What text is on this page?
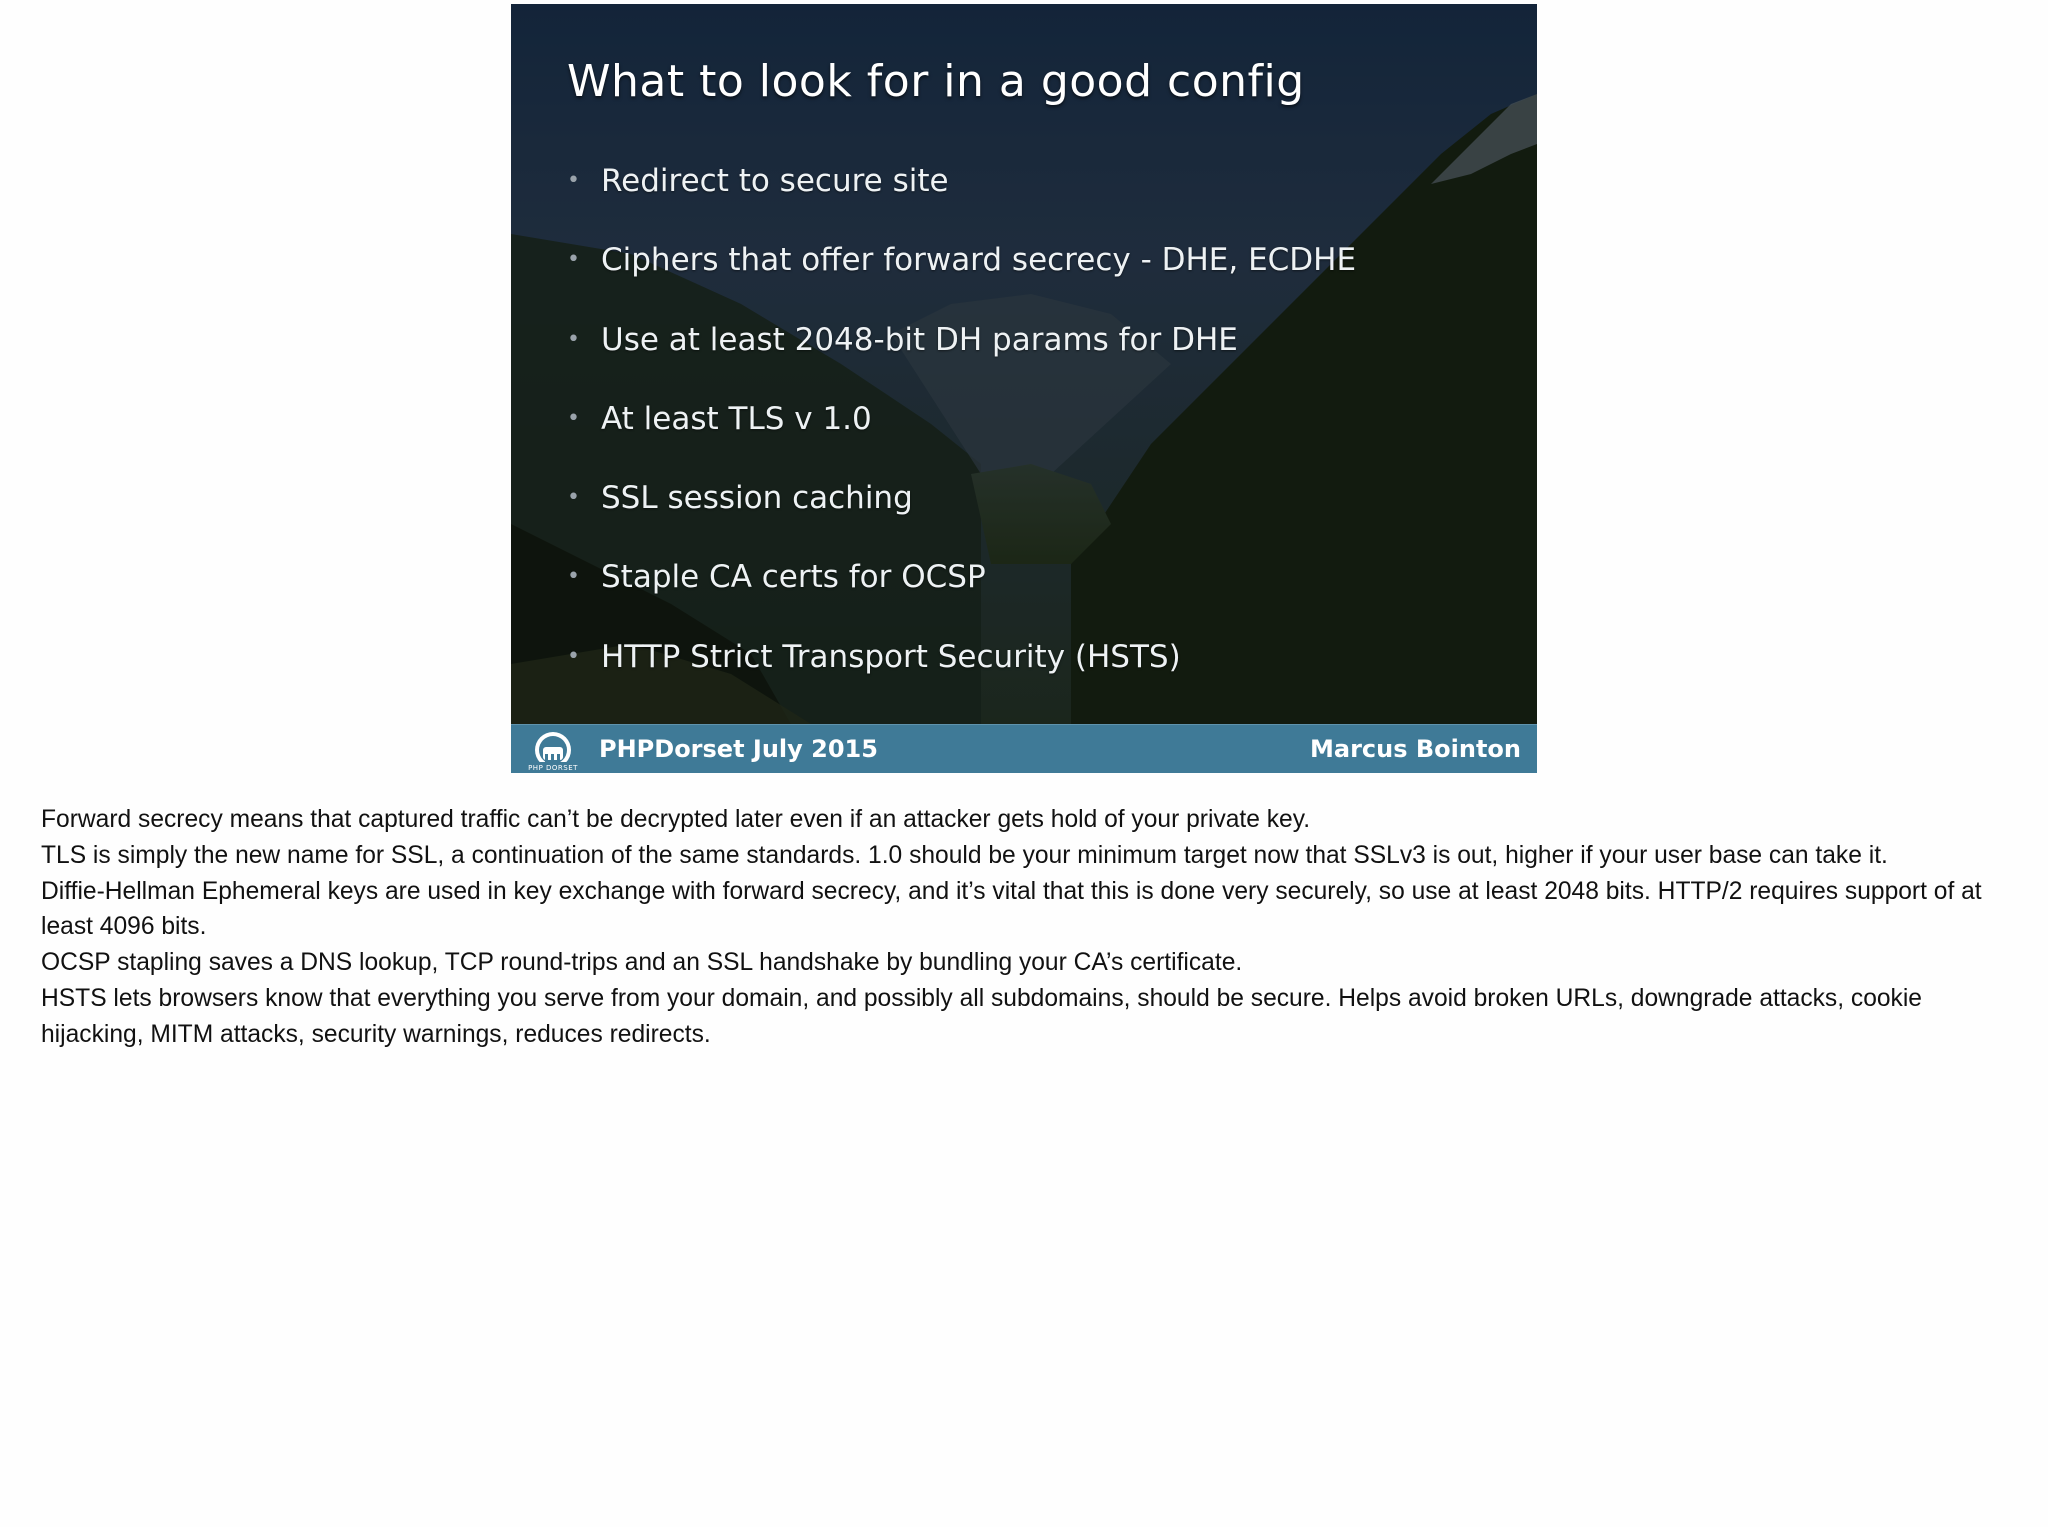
What to look for in a good config
• Redirect to secure site
• Ciphers that offer forward secrecy - DHE, ECDHE
• Use at least 2048-bit DH params for DHE
• At least TLS v 1.0
• SSL session caching
• Staple CA certs for OCSP
• HTTP Strict Transport Security (HSTS)
PHP DORSET
PHPDorset July 2015	Marcus Bointon

Forward secrecy means that captured traffic can’t be decrypted later even if an attacker gets hold of your private key.

TLS is simply the new name for SSL, a continuation of the same standards. 1.0 should be your minimum target now that SSLv3 is out, higher if your user base can take it.

Diffie-Hellman Ephemeral keys are used in key exchange with forward secrecy, and it’s vital that this is done very securely, so use at least 2048 bits. HTTP/2 requires support of at least 4096 bits.

OCSP stapling saves a DNS lookup, TCP round-trips and an SSL handshake by bundling your CA’s certificate.

HSTS lets browsers know that everything you serve from your domain, and possibly all subdomains, should be secure. Helps avoid broken URLs, downgrade attacks, cookie hijacking, MITM attacks, security warnings, reduces redirects.
